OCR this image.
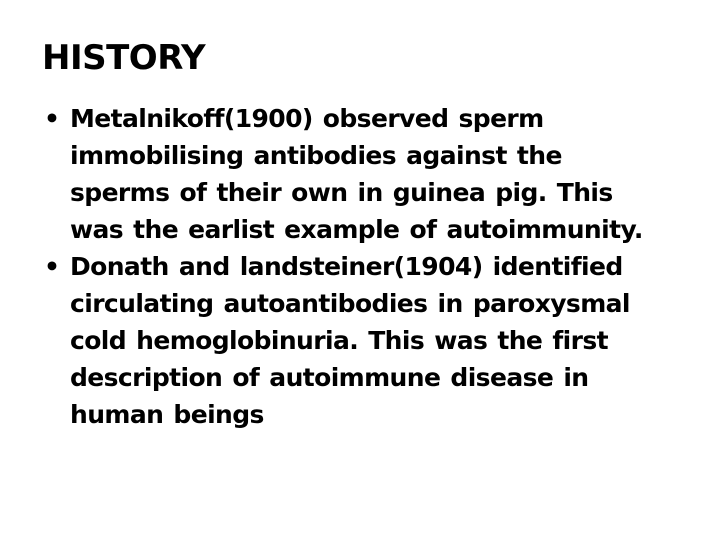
HISTORY
• Metalnikoff(1900) observed sperm
immobilising antibodies against the
sperms of their own in guinea pig. This
was the earlist example of autoimmunity.
• Donath and landsteiner(1904) identified
circulating autoantibodies in paroxysmal
cold hemoglobinuria. This was the first
description of autoimmune disease in
human beings
